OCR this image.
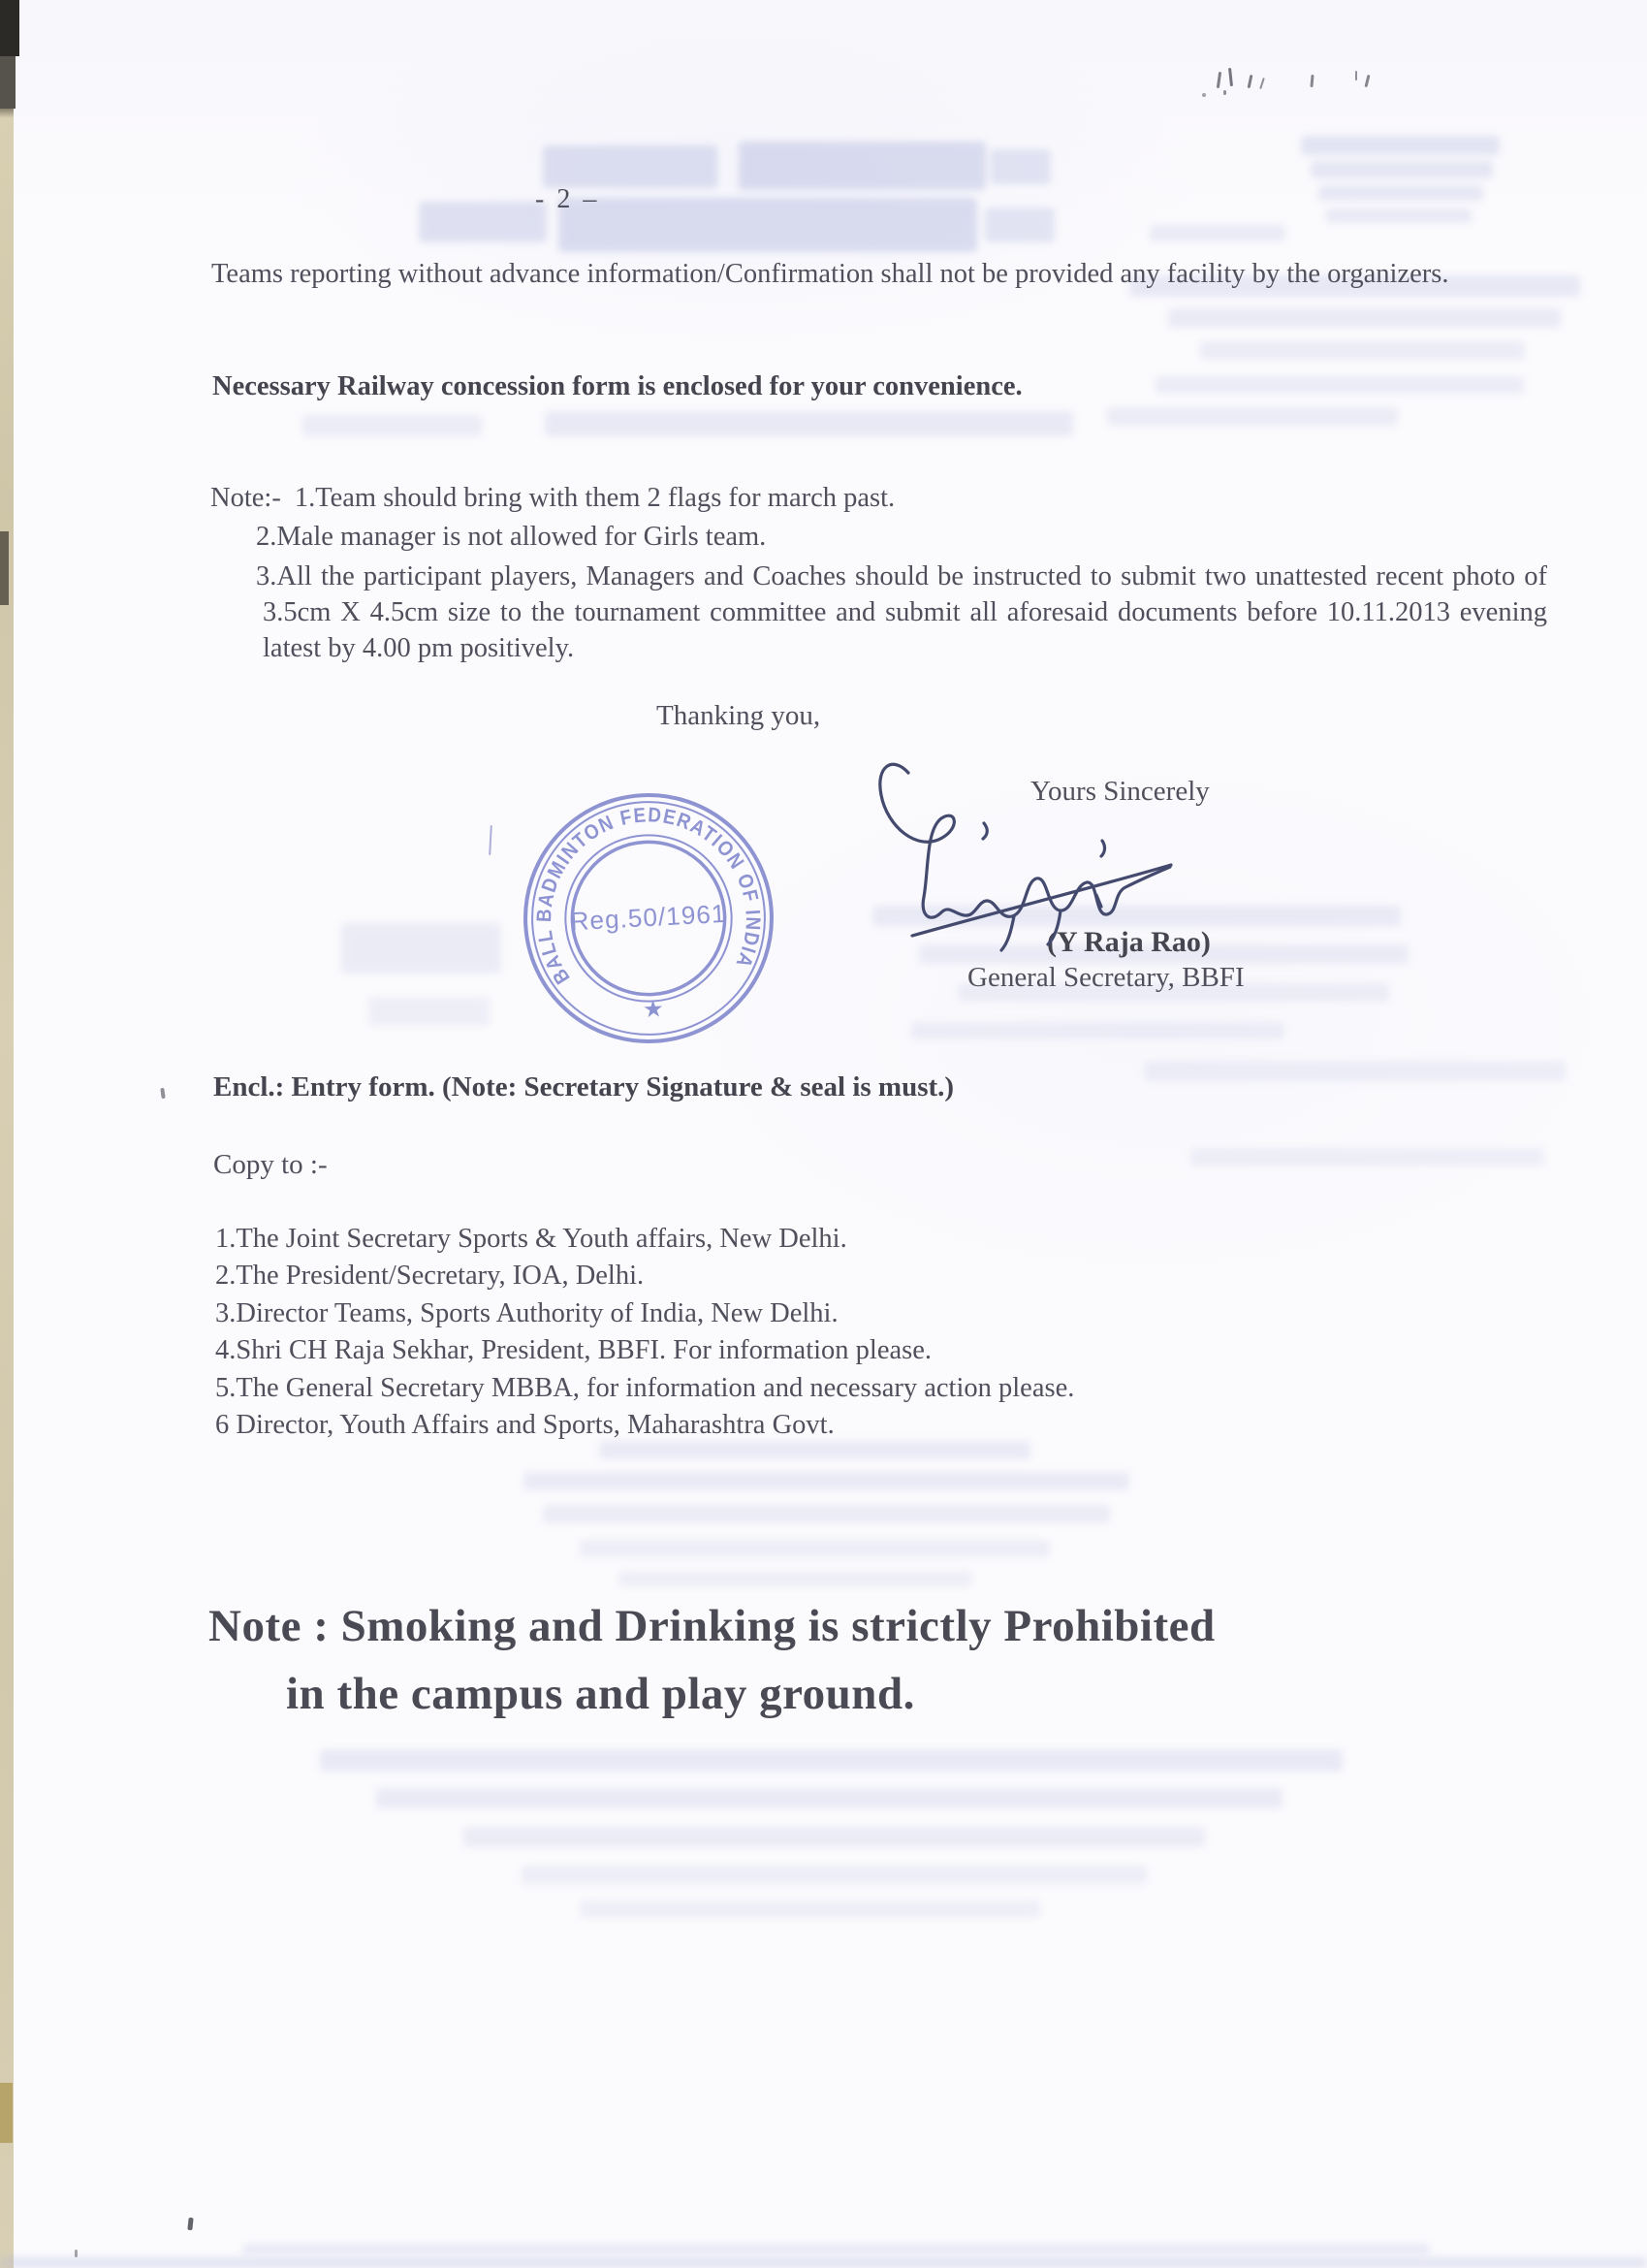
- 2 –
Teams reporting without advance information/Confirmation shall not be provided any facility by the organizers.
Necessary Railway concession form is enclosed for your convenience.
Note:- 1.Team should bring with them 2 flags for march past.
2.Male manager is not allowed for Girls team.
3.All the participant players, Managers and Coaches should be instructed to submit two unattested recent photo of 3.5cm X 4.5cm size to the tournament committee and submit all aforesaid documents before 10.11.2013 evening latest by 4.00 pm positively.
Thanking you,
Yours Sincerely
(Y Raja Rao)
General Secretary, BBFI
BALL BADMINTON FEDERATION OF INDIA
Reg.50/1961
★
Encl.: Entry form. (Note: Secretary Signature & seal is must.)
Copy to :-
1.The Joint Secretary Sports & Youth affairs, New Delhi.
2.The President/Secretary, IOA, Delhi.
3.Director Teams, Sports Authority of India, New Delhi.
4.Shri CH Raja Sekhar, President, BBFI. For information please.
5.The General Secretary MBBA, for information and necessary action please.
6 Director, Youth Affairs and Sports, Maharashtra Govt.
Note : Smoking and Drinking is strictly Prohibited
in the campus and play ground.
